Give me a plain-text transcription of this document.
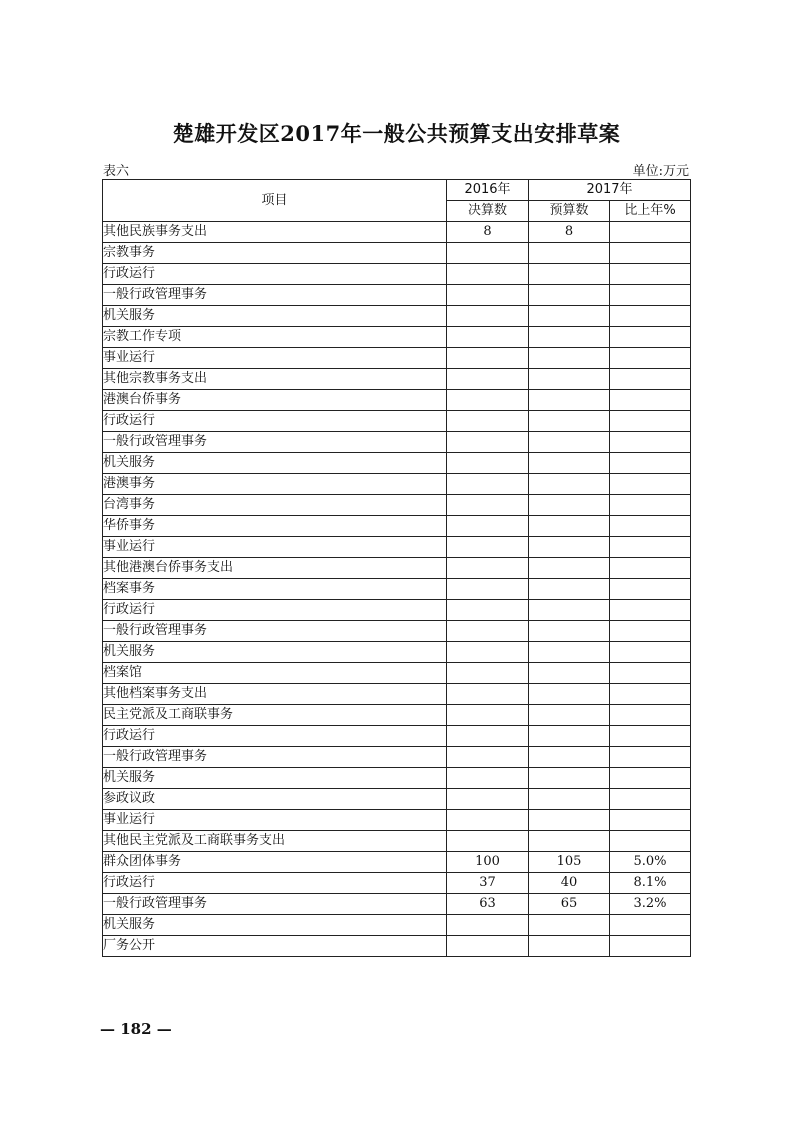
楚雄开发区2017年一般公共预算支出安排草案
表六	单位:万元
项目	2016年	2017年	
	决算数	预算数	比上年%
其他民族事务支出	8	8	
宗教事务			
行政运行			
一般行政管理事务			
机关服务			
宗教工作专项			
事业运行			
其他宗教事务支出			
港澳台侨事务			
行政运行			
一般行政管理事务			
机关服务			
港澳事务			
台湾事务			
华侨事务			
事业运行			
其他港澳台侨事务支出			
档案事务			
行政运行			
一般行政管理事务			
机关服务			
档案馆			
其他档案事务支出			
民主党派及工商联事务			
行政运行			
一般行政管理事务			
机关服务			
参政议政			
事业运行			
其他民主党派及工商联事务支出			
群众团体事务	100	105	5.0%
行政运行	37	40	8.1%
一般行政管理事务	63	65	3.2%
机关服务			
厂务公开			
— 182 —
